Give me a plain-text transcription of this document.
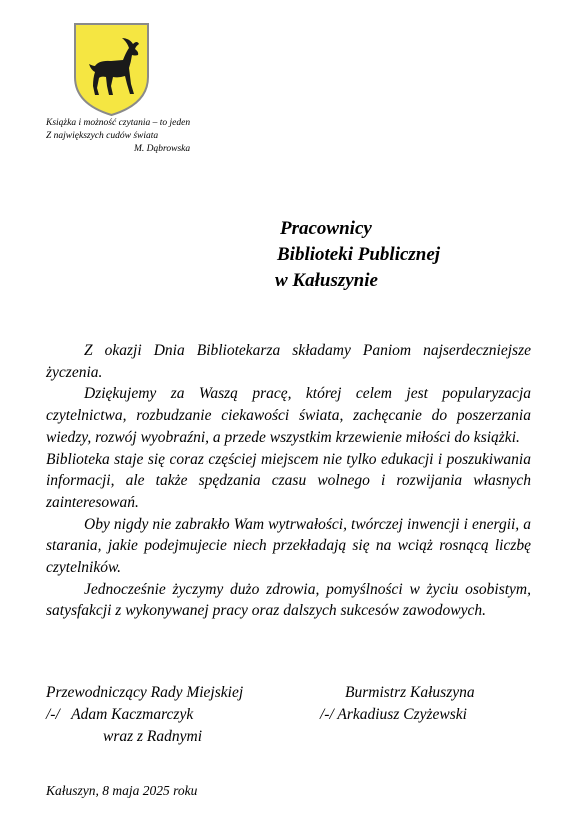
Książka i możność czytania – to jeden
Z największych cudów świata

M. Dąbrowska
Pracownicy
Biblioteki Publicznej
w Kałuszynie

Z okazji Dnia Bibliotekarza składamy Paniom najserdeczniejsze życzenia.

Dziękujemy za Waszą pracę, której celem jest popularyzacja czytelnictwa, rozbudzanie ciekawości świata, zachęcanie do poszerzania wiedzy, rozwój wyobraźni, a przede wszystkim krzewienie miłości do książki.

Biblioteka staje się coraz częściej miejscem nie tylko edukacji i poszukiwania informacji, ale także spędzania czasu wolnego i rozwijania własnych zainteresowań.

Oby nigdy nie zabrakło Wam wytrwałości, twórczej inwencji i energii, a starania, jakie podejmujecie niech przekładają się na wciąż rosnącą liczbę czytelników.

Jednocześnie życzymy dużo zdrowia, pomyślności w życiu osobistym, satysfakcji z wykonywanej pracy oraz dalszych sukcesów zawodowych.

Przewodniczący Rady Miejskiej
/-/   Adam Kaczmarczyk
wraz z Radnymi
Burmistrz Kałuszyna
/-/ Arkadiusz Czyżewski
Kałuszyn, 8 maja 2025 roku
